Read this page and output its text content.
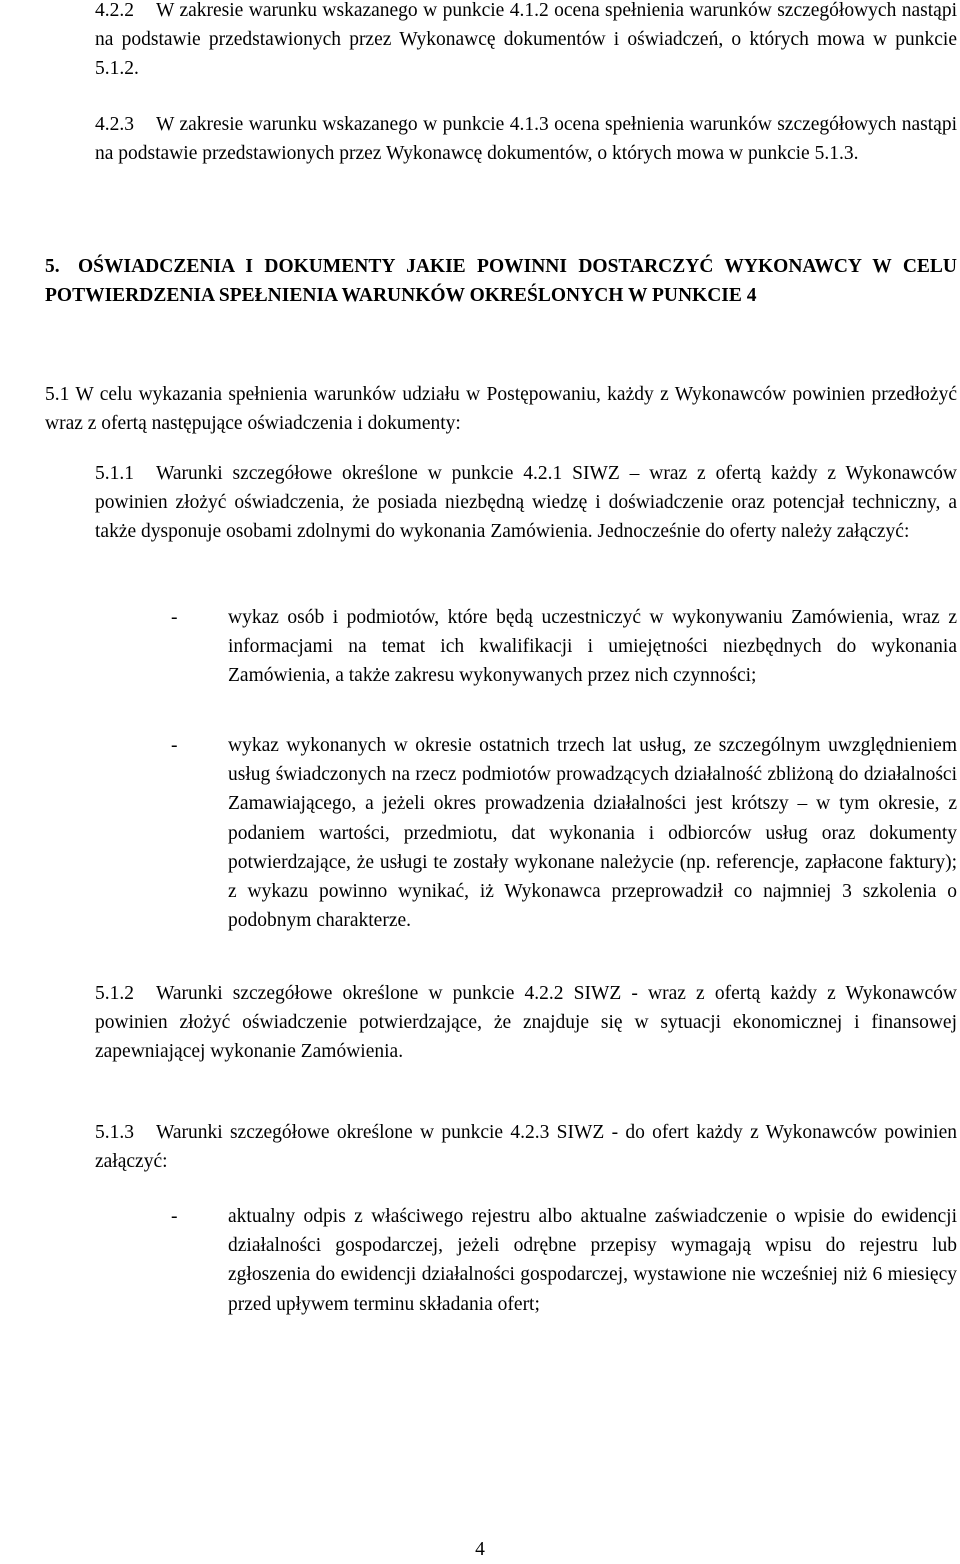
4.2.2 W zakresie warunku wskazanego w punkcie 4.1.2 ocena spełnienia warunków szczegółowych nastąpi na podstawie przedstawionych przez Wykonawcę dokumentów i oświadczeń, o których mowa w punkcie 5.1.2.

4.2.3 W zakresie warunku wskazanego w punkcie 4.1.3 ocena spełnienia warunków szczegółowych nastąpi na podstawie przedstawionych przez Wykonawcę dokumentów, o których mowa w punkcie 5.1.3.

5. OŚWIADCZENIA I DOKUMENTY JAKIE POWINNI DOSTARCZYĆ WYKONAWCY W CELU POTWIERDZENIA SPEŁNIENIA WARUNKÓW OKREŚLONYCH W PUNKCIE 4

5.1 W celu wykazania spełnienia warunków udziału w Postępowaniu, każdy z Wykonawców powinien przedłożyć wraz z ofertą następujące oświadczenia i dokumenty:

5.1.1 Warunki szczegółowe określone w punkcie 4.2.1 SIWZ – wraz z ofertą każdy z Wykonawców powinien złożyć oświadczenia, że posiada niezbędną wiedzę i doświadczenie oraz potencjał techniczny, a także dysponuje osobami zdolnymi do wykonania Zamówienia. Jednocześnie do oferty należy załączyć:

-	wykaz osób i podmiotów, które będą uczestniczyć w wykonywaniu Zamówienia, wraz z informacjami na temat ich kwalifikacji i umiejętności niezbędnych do wykonania Zamówienia, a także zakresu wykonywanych przez nich czynności;
-	wykaz wykonanych w okresie ostatnich trzech lat usług, ze szczególnym uwzględnieniem usług świadczonych na rzecz podmiotów prowadzących działalność zbliżoną do działalności Zamawiającego, a jeżeli okres prowadzenia działalności jest krótszy – w tym okresie, z podaniem wartości, przedmiotu, dat wykonania i odbiorców usług oraz dokumenty potwierdzające, że usługi te zostały wykonane należycie (np. referencje, zapłacone faktury); z wykazu powinno wynikać, iż Wykonawca przeprowadził co najmniej 3 szkolenia o podobnym charakterze.

5.1.2 Warunki szczegółowe określone w punkcie 4.2.2 SIWZ - wraz z ofertą każdy z Wykonawców powinien złożyć oświadczenie potwierdzające, że znajduje się w sytuacji ekonomicznej i finansowej zapewniającej wykonanie Zamówienia.

5.1.3 Warunki szczegółowe określone w punkcie 4.2.3 SIWZ - do ofert każdy z Wykonawców powinien załączyć:

-	aktualny odpis z właściwego rejestru albo aktualne zaświadczenie o wpisie do ewidencji działalności gospodarczej, jeżeli odrębne przepisy wymagają wpisu do rejestru lub zgłoszenia do ewidencji działalności gospodarczej, wystawione nie wcześniej niż 6 miesięcy przed upływem terminu składania ofert;
4
